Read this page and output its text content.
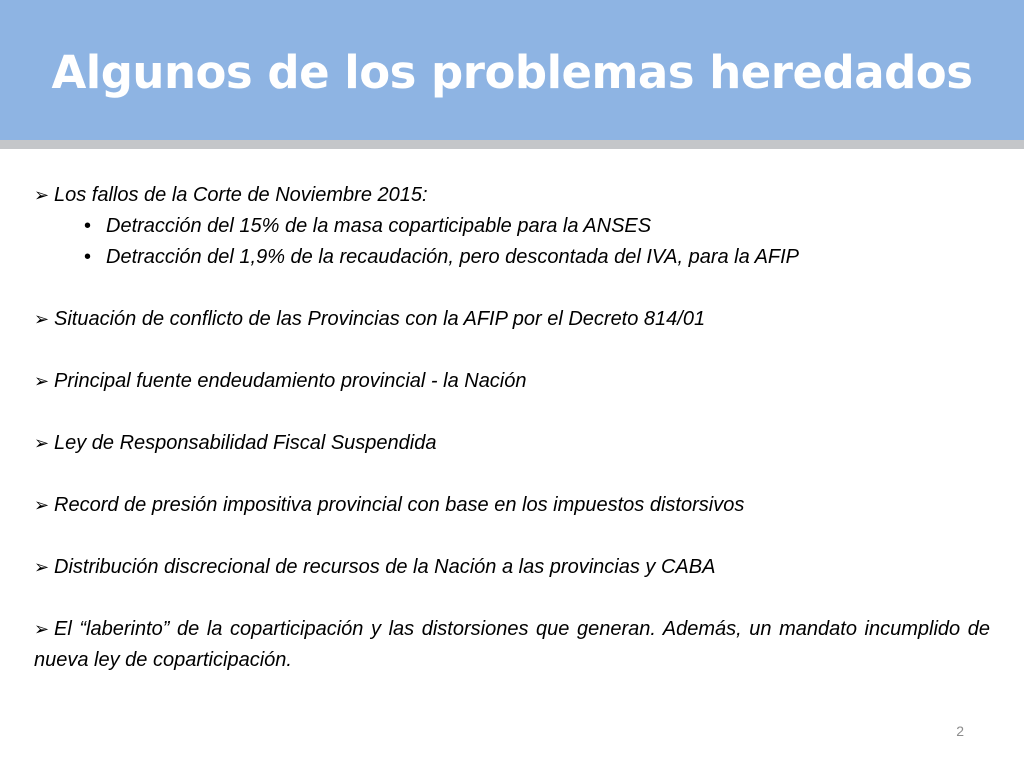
Algunos de los problemas heredados

➢ Los fallos de la Corte de Noviembre 2015:

• Detracción del 15% de la masa coparticipable para la ANSES

• Detracción del 1,9% de la recaudación, pero descontada del IVA, para la AFIP

➢ Situación de conflicto de las Provincias con la AFIP por el Decreto 814/01

➢ Principal fuente endeudamiento provincial - la Nación

➢ Ley de Responsabilidad Fiscal Suspendida

➢ Record de presión impositiva provincial con base en los impuestos distorsivos

➢ Distribución discrecional de recursos de la Nación a las provincias y CABA

➢ El “laberinto” de la coparticipación y las distorsiones que generan. Además, un mandato incumplido de nueva ley de coparticipación.

2
